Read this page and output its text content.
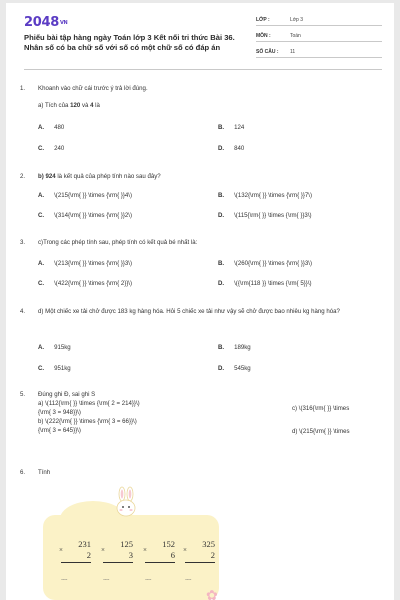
2048VN
Phiếu bài tập hàng ngày Toán lớp 3 Kết nối tri thức Bài 36.
Nhân số có ba chữ số với số có một chữ số có đáp án
LỚP :	Lớp 3
MÔN :	Toán
SỐ CÂU : 11
1. Khoanh vào chữ cái trước ý trả lời đúng.
a) Tích của 120 và 4 là
A. 480	B. 124
C. 240	D. 840
2. b) 924 là kết quả của phép tính nào sau đây?
A. \(215{\rm{ }} \times {\rm{ }}4\)	B. \(132{\rm{ }} \times {\rm{ }}7\)
C. \(314{\rm{ }} \times {\rm{ }}2\)	D. \(115{\rm{ }} \times {\rm{ }}3\)
3. c)Trong các phép tính sau, phép tính có kết quả bé nhất là:
A. \(213{\rm{ }} \times {\rm{ }}3\)	B. \(260{\rm{ }} \times {\rm{ }}3\)
C. \(422{\rm{ }} \times {\rm{ 2}}\)	D. \({\rm{118 }} \times {\rm{ 5}}\)
4. d) Một chiếc xe tải chở được 183 kg hàng hóa. Hỏi 5 chiếc xe tải như vậy sẽ chở được bao nhiêu kg hàng hóa?
A. 915kg	B. 189kg
C. 951kg	D. 545kg
5. Đúng ghi Đ, sai ghi S
a) \(112{\rm{ }} \times {\rm{ 2 = 214}}\)
{\rm{ 3 = 948}}\)
b) \(222{\rm{ }} \times {\rm{ 3 = 66}}\)
{\rm{ 3 = 645}}\)
c) \(316{\rm{ }} \times
d) \(215{\rm{ }} \times
6. Tính
231
×	2
........
125
×	3
........
152
×	6
........
325
×	2
........
✿
